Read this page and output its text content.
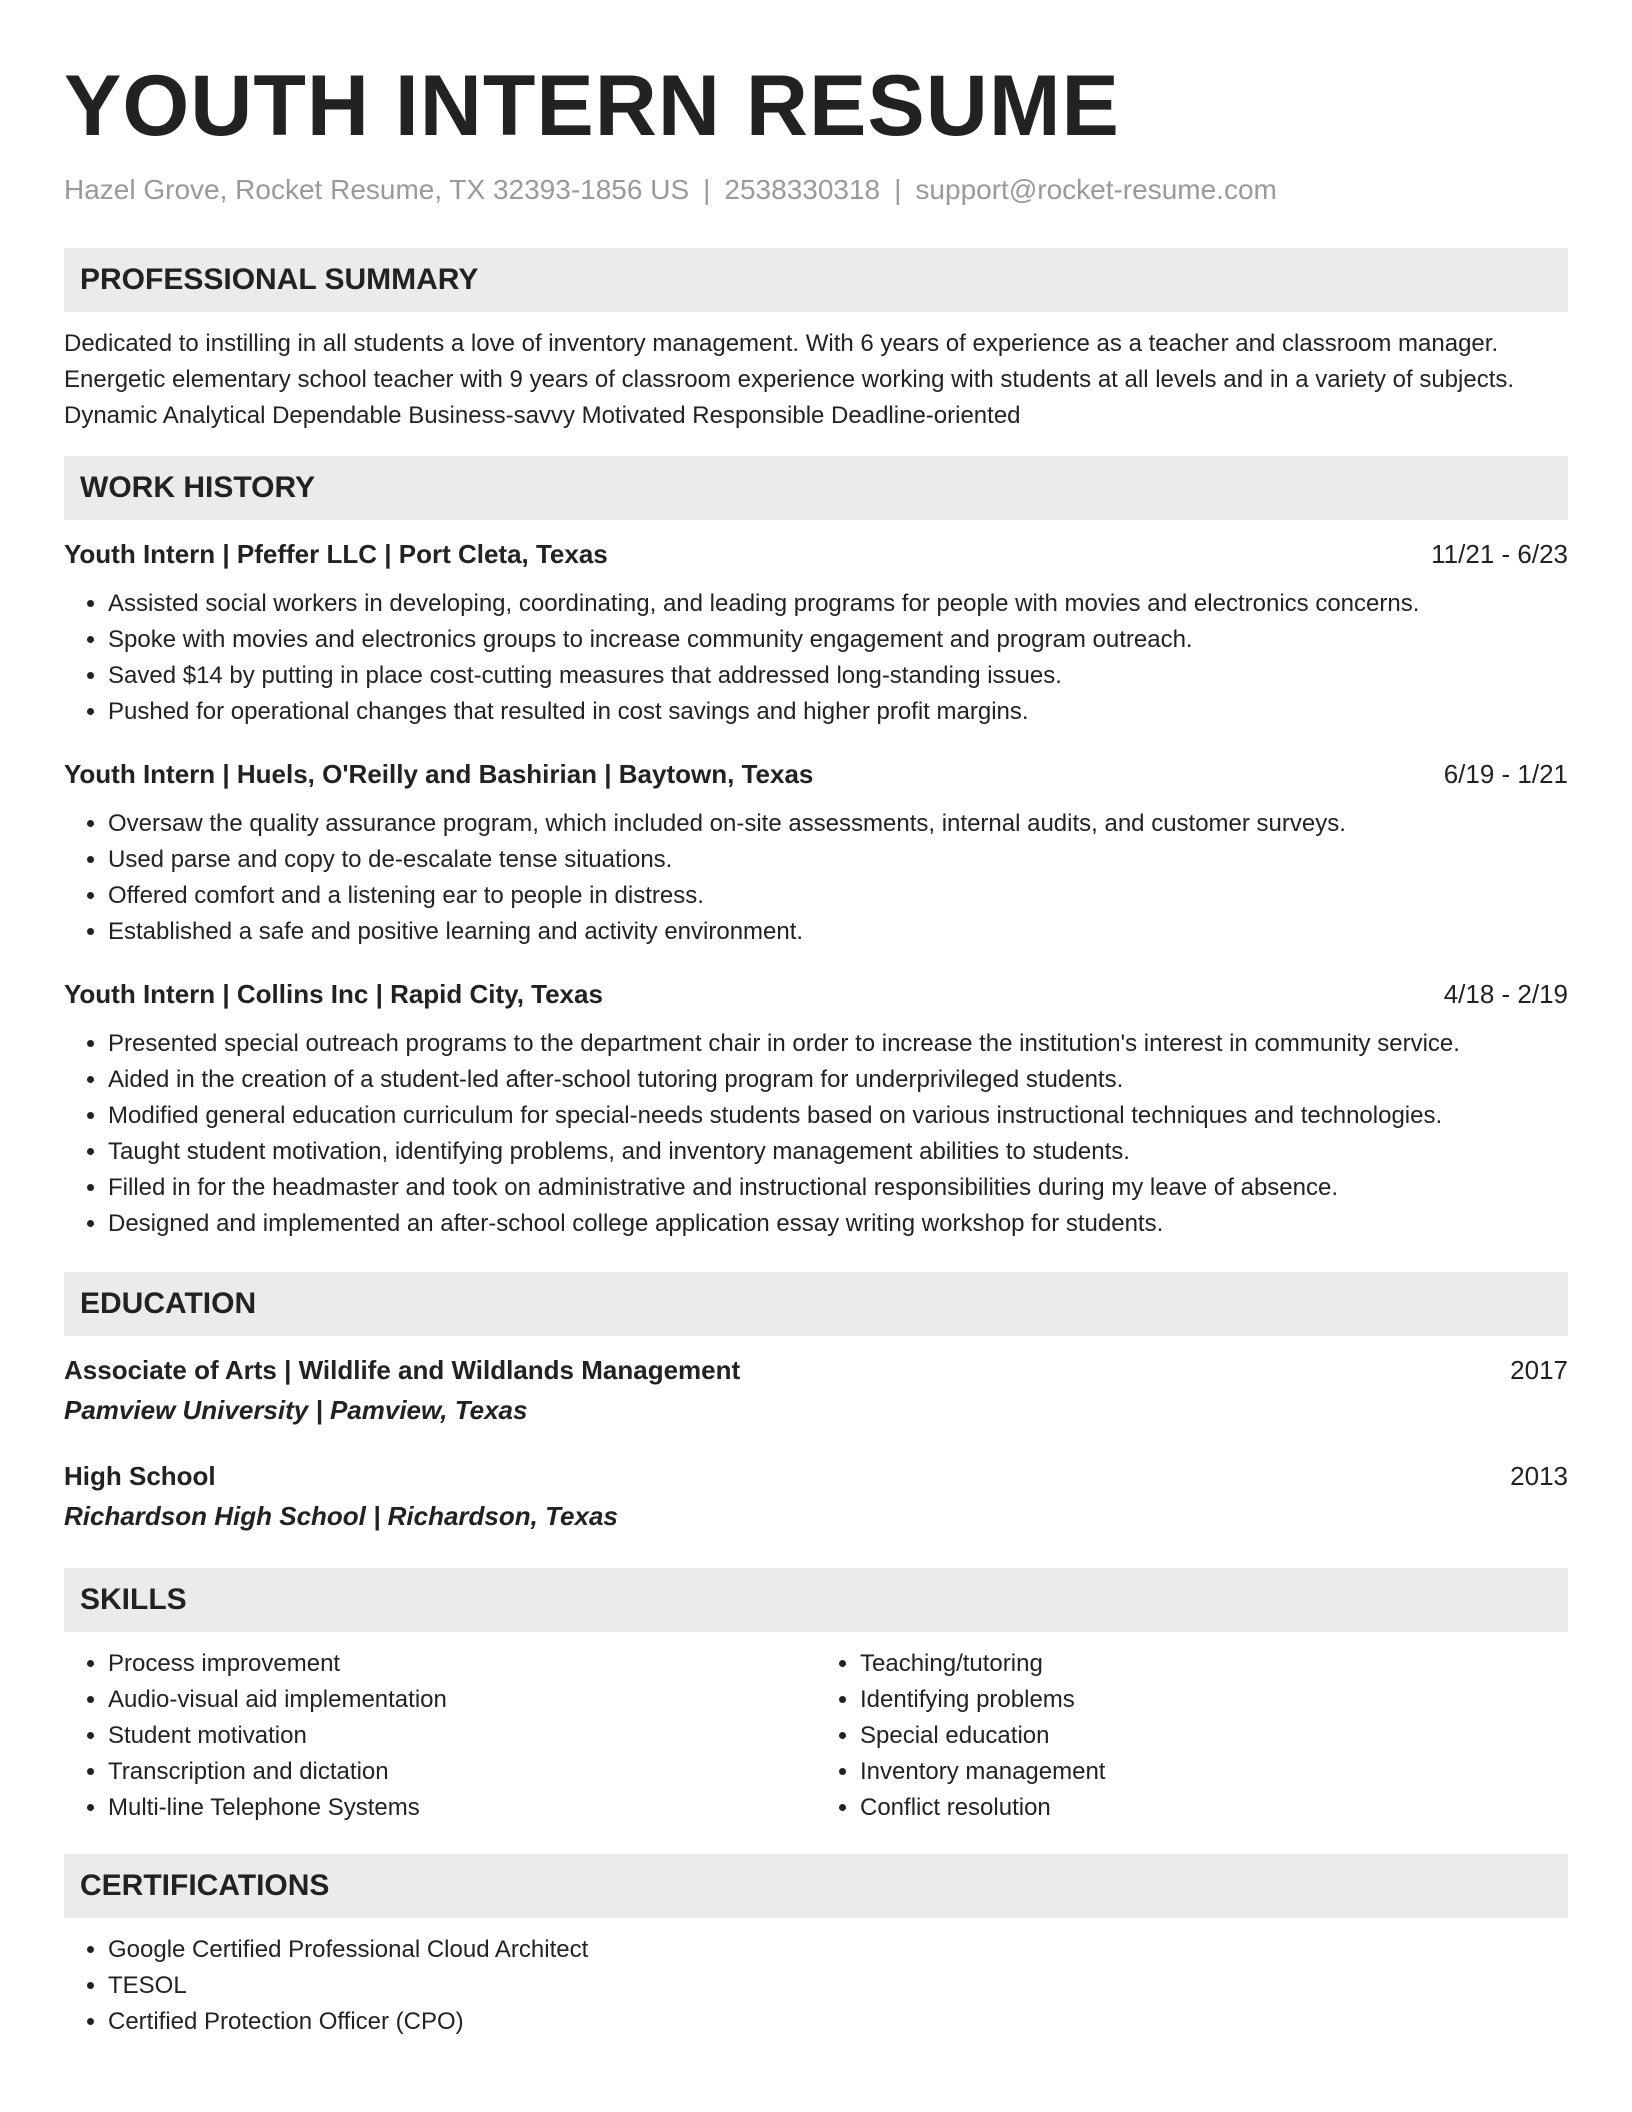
YOUTH INTERN RESUME
Hazel Grove, Rocket Resume, TX 32393-1856 US | 2538330318 | support@rocket-resume.com
PROFESSIONAL SUMMARY

Dedicated to instilling in all students a love of inventory management. With 6 years of experience as a teacher and classroom manager. Energetic elementary school teacher with 9 years of classroom experience working with students at all levels and in a variety of subjects. Dynamic Analytical Dependable Business-savvy Motivated Responsible Deadline-oriented

WORK HISTORY
Youth Intern | Pfeffer LLC | Port Cleta, Texas	11/21 - 6/23
• Assisted social workers in developing, coordinating, and leading programs for people with movies and electronics concerns.
• Spoke with movies and electronics groups to increase community engagement and program outreach.
• Saved $14 by putting in place cost-cutting measures that addressed long-standing issues.
• Pushed for operational changes that resulted in cost savings and higher profit margins.
Youth Intern | Huels, O'Reilly and Bashirian | Baytown, Texas	6/19 - 1/21
• Oversaw the quality assurance program, which included on-site assessments, internal audits, and customer surveys.
• Used parse and copy to de-escalate tense situations.
• Offered comfort and a listening ear to people in distress.
• Established a safe and positive learning and activity environment.
Youth Intern | Collins Inc | Rapid City, Texas	4/18 - 2/19
• Presented special outreach programs to the department chair in order to increase the institution's interest in community service.
• Aided in the creation of a student-led after-school tutoring program for underprivileged students.
• Modified general education curriculum for special-needs students based on various instructional techniques and technologies.
• Taught student motivation, identifying problems, and inventory management abilities to students.
• Filled in for the headmaster and took on administrative and instructional responsibilities during my leave of absence.
• Designed and implemented an after-school college application essay writing workshop for students.
EDUCATION
Associate of Arts | Wildlife and Wildlands Management	2017
Pamview University | Pamview, Texas
High School	2013
Richardson High School | Richardson, Texas
SKILLS
• Process improvement
• Audio-visual aid implementation
• Student motivation
• Transcription and dictation
• Multi-line Telephone Systems
• Teaching/tutoring
• Identifying problems
• Special education
• Inventory management
• Conflict resolution
CERTIFICATIONS
• Google Certified Professional Cloud Architect
• TESOL
• Certified Protection Officer (CPO)
